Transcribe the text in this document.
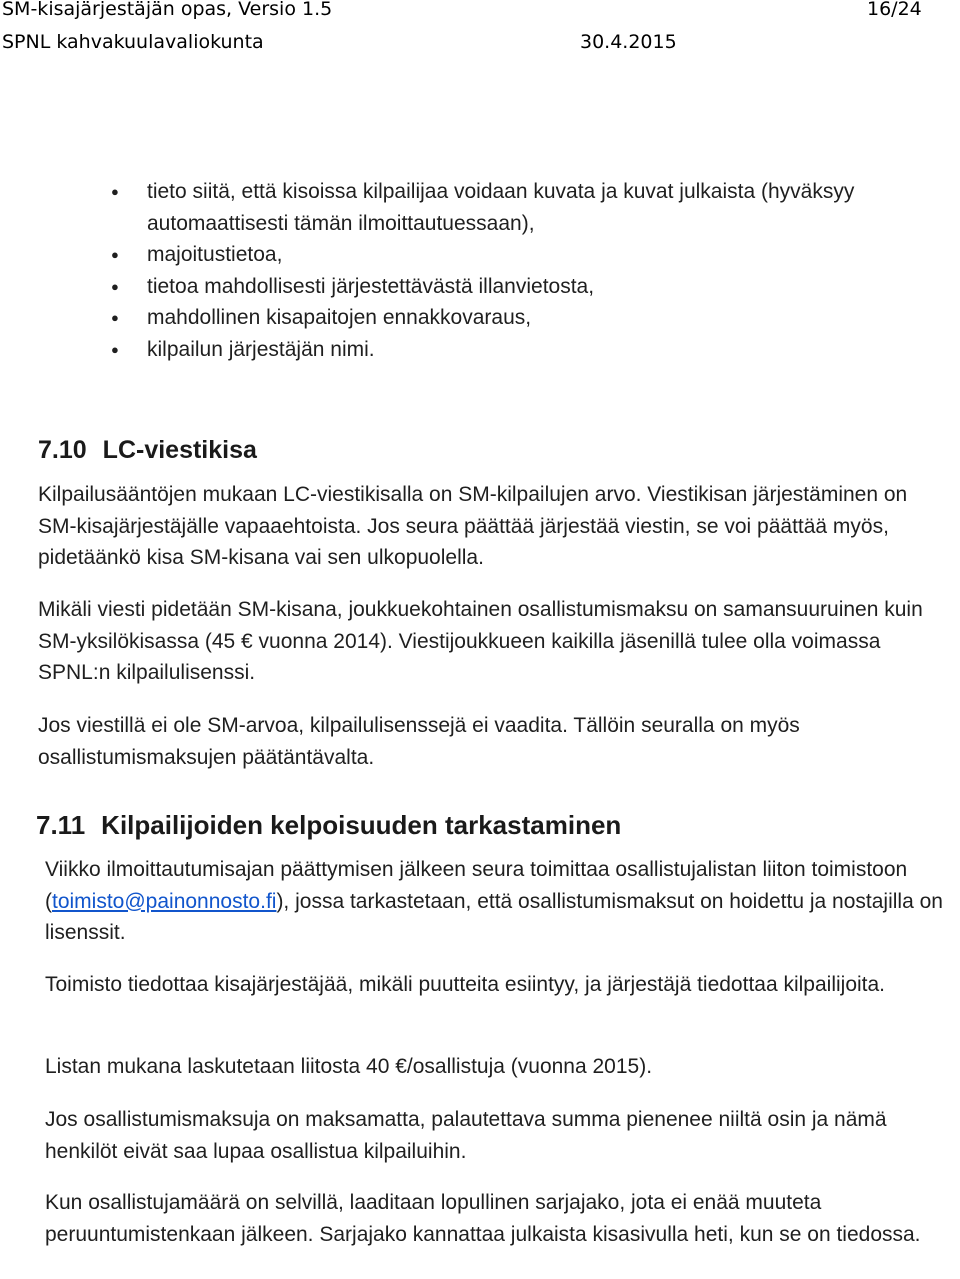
SM-kisajärjestäjän opas, Versio 1.5	16/24
SPNL kahvakuulavaliokunta	30.4.2015
● tieto siitä, että kisoissa kilpailijaa voidaan kuvata ja kuvat julkaista (hyväksyy automaattisesti tämän ilmoittautuessaan),
● majoitustietoa,
● tietoa mahdollisesti järjestettävästä illanvietosta,
● mahdollinen kisapaitojen ennakkovaraus,
● kilpailun järjestäjän nimi.
7.10 LC-viestikisa

Kilpailusääntöjen mukaan LC-viestikisalla on SM-kilpailujen arvo. Viestikisan järjestäminen on SM-kisajärjestäjälle vapaaehtoista. Jos seura päättää järjestää viestin, se voi päättää myös, pidetäänkö kisa SM-kisana vai sen ulkopuolella.

Mikäli viesti pidetään SM-kisana, joukkuekohtainen osallistumismaksu on samansuuruinen kuin SM-yksilökisassa (45 € vuonna 2014). Viestijoukkueen kaikilla jäsenillä tulee olla voimassa SPNL:n kilpailulisenssi.

Jos viestillä ei ole SM-arvoa, kilpailulisenssejä ei vaadita. Tällöin seuralla on myös osallistumismaksujen päätäntävalta.

7.11 Kilpailijoiden kelpoisuuden tarkastaminen

Viikko ilmoittautumisajan päättymisen jälkeen seura toimittaa osallistujalistan liiton toimistoon (toimisto@painonnosto.fi), jossa tarkastetaan, että osallistumismaksut on hoidettu ja nostajilla on lisenssit.

Toimisto tiedottaa kisajärjestäjää, mikäli puutteita esiintyy, ja järjestäjä tiedottaa kilpailijoita.

Listan mukana laskutetaan liitosta 40 €/osallistuja (vuonna 2015).

Jos osallistumismaksuja on maksamatta, palautettava summa pienenee niiltä osin ja nämä henkilöt eivät saa lupaa osallistua kilpailuihin.

Kun osallistujamäärä on selvillä, laaditaan lopullinen sarjajako, jota ei enää muuteta peruuntumistenkaan jälkeen. Sarjajako kannattaa julkaista kisasivulla heti, kun se on tiedossa.
